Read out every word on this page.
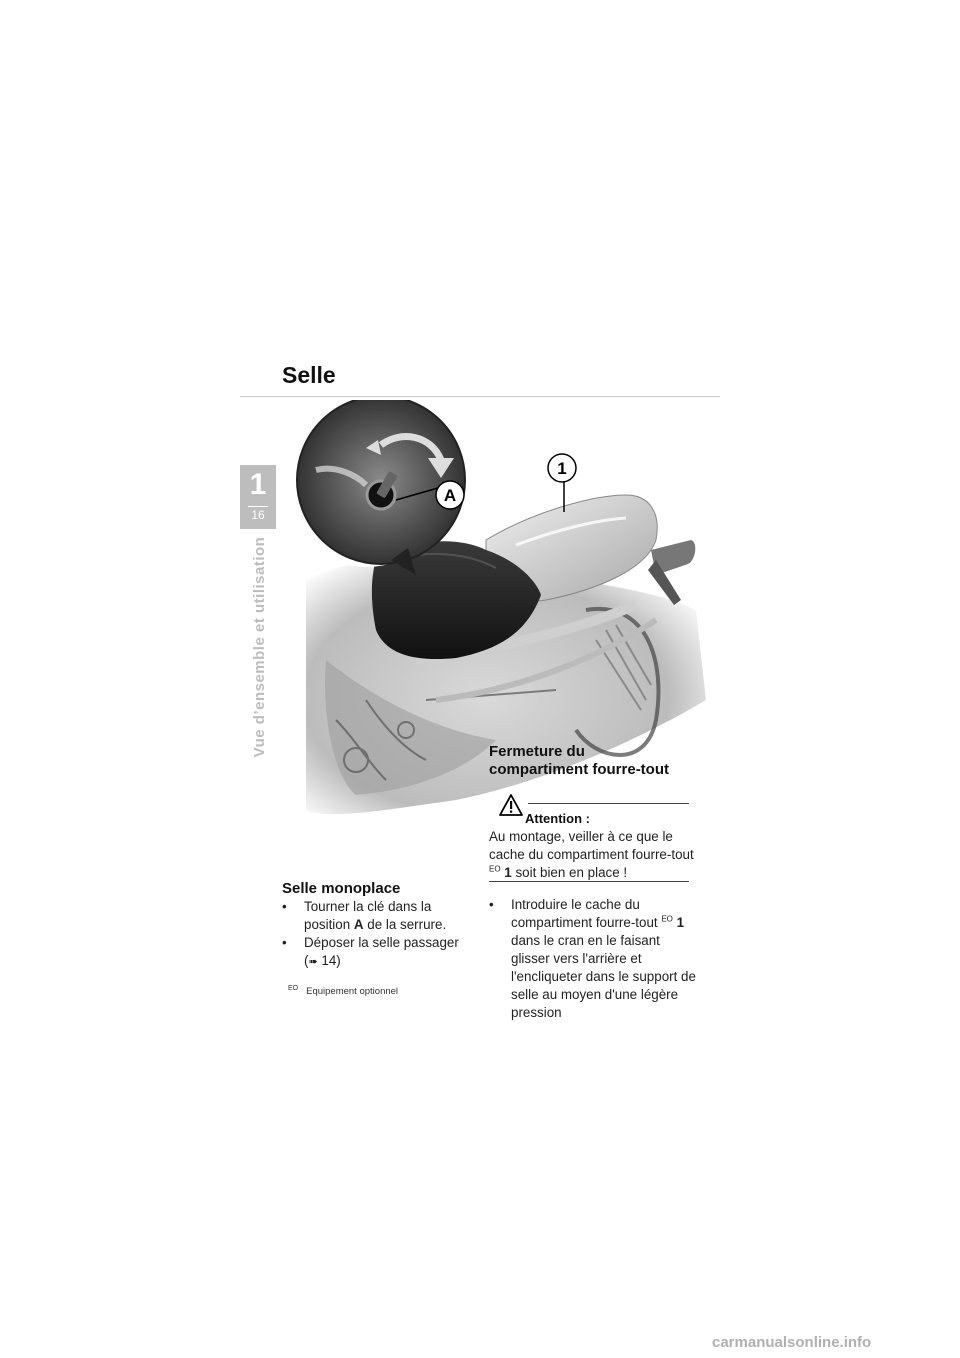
Selle
1
16
Vue d’ensemble et utilisation
A
1
Selle monoplace

• Tourner la clé dans la position A de la serrure.

• Déposer la selle passager (➠ 14)

$^{EO}$ Equipement optionnel
Fermeture du
compartiment fourre-tout
Attention :
Au montage, veiller à ce que le cache du compartiment fourre-tout $^{EO}$ 1 soit bien en place !

• Introduire le cache du compartiment fourre-tout $^{EO}$ 1 dans le cran en le faisant glisser vers l'arrière et l'encliqueter dans le support de selle au moyen d'une légère pression

carmanualsonline.info
